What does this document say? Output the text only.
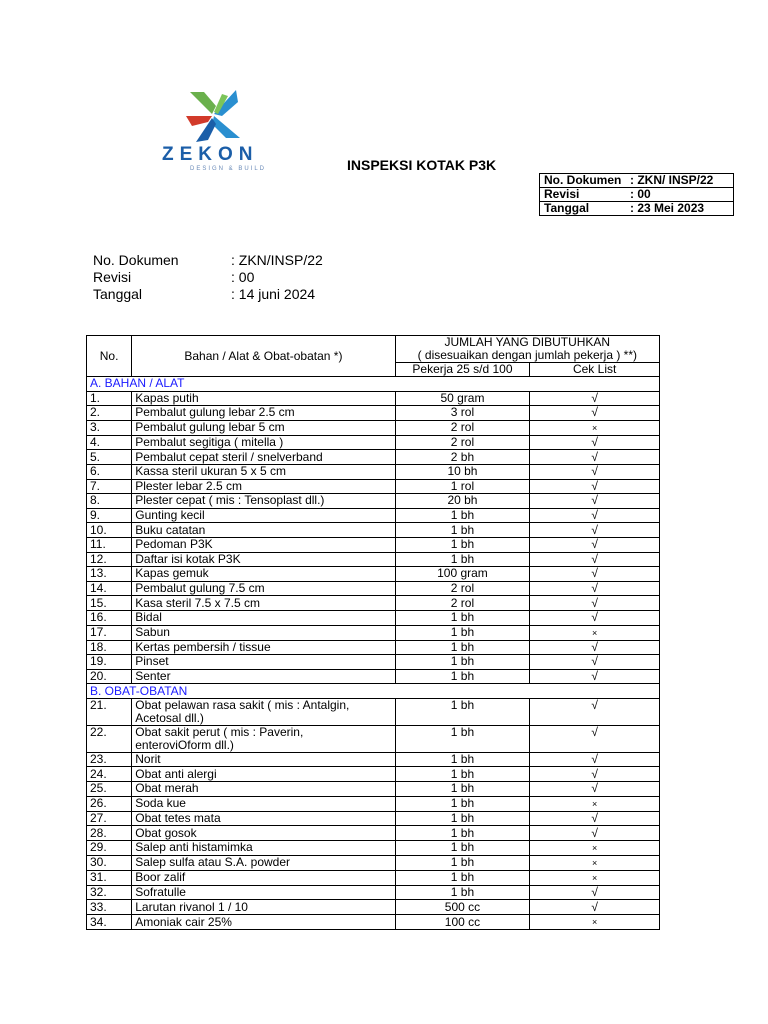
ZEKON
DESIGN & BUILD	INSPEKSI KOTAK P3K
No. Dokumen : ZKN/ INSP/22
Revisi	: 00
Tanggal	: 23 Mei 2023
No. Dokumen	: ZKN/INSP/22
Revisi	: 00
Tanggal	: 14 juni 2024
No.	Bahan / Alat & Obat-obatan *)	JUMLAH YANG DIBUTUHKAN
( disesuaikan dengan jumlah pekerja ) **)	

		Pekerja 25 s/d 100	Cek List
A. BAHAN / ALAT			
1.	Kapas putih	50 gram	√
2.	Pembalut gulung lebar 2.5 cm	3 rol	√
3.	Pembalut gulung lebar 5 cm	2 rol	×
4.	Pembalut segitiga ( mitella )	2 rol	√
5.	Pembalut cepat steril / snelverband	2 bh	√
6.	Kassa steril ukuran 5 x 5 cm	10 bh	√
7.	Plester lebar 2.5 cm	1 rol	√
8.	Plester cepat ( mis : Tensoplast dll.)	20 bh	√
9.	Gunting kecil	1 bh	√
10.	Buku catatan	1 bh	√
11.	Pedoman P3K	1 bh	√
12.	Daftar isi kotak P3K	1 bh	√
13.	Kapas gemuk	100 gram	√
14.	Pembalut gulung 7.5 cm	2 rol	√
15.	Kasa steril 7.5 x 7.5 cm	2 rol	√
16.	Bidal	1 bh	√
17.	Sabun	1 bh	×
18.	Kertas pembersih / tissue	1 bh	√
19.	Pinset	1 bh	√
20.	Senter	1 bh	√
B. OBAT-OBATAN			
21.	Obat pelawan rasa sakit ( mis : Antalgin,
Acetosal dll.)	1 bh	√
22.	Obat sakit perut ( mis : Paverin,
enteroviOform dll.)	1 bh	√
23.	Norit	1 bh	√
24.	Obat anti alergi	1 bh	√
25.	Obat merah	1 bh	√
26.	Soda kue	1 bh	×
27.	Obat tetes mata	1 bh	√
28.	Obat gosok	1 bh	√
29.	Salep anti histamimka	1 bh	×
30.	Salep sulfa atau S.A. powder	1 bh	×
31.	Boor zalif	1 bh	×
32.	Sofratulle	1 bh	√
33.	Larutan rivanol 1 / 10	500 cc	√
34.	Amoniak cair 25%	100 cc	×
